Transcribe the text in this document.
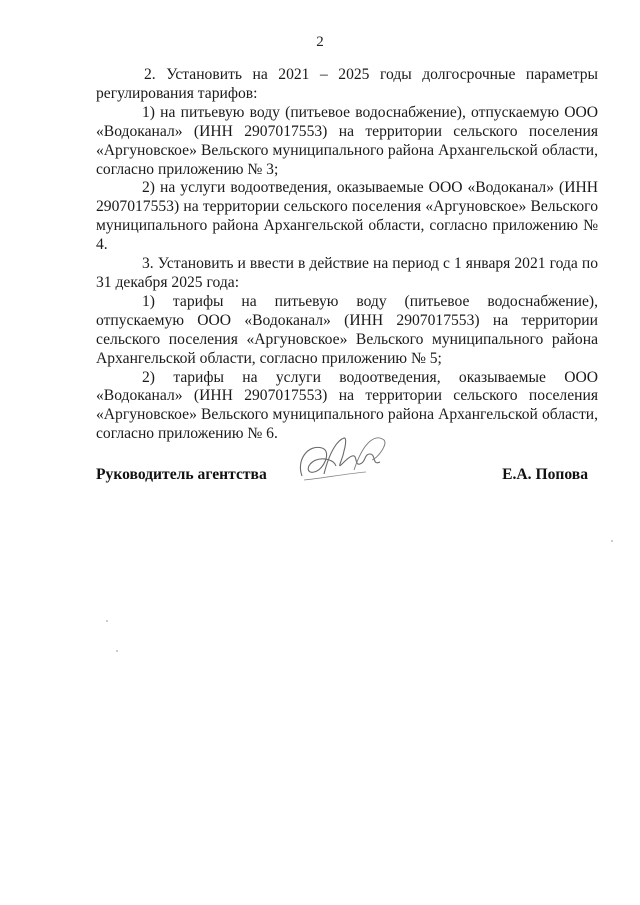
2

2. Установить на 2021 – 2025 годы долгосрочные параметры регулирования тарифов:

1) на питьевую воду (питьевое водоснабжение), отпускаемую ООО «Водоканал» (ИНН 2907017553) на территории сельского поселения «Аргуновское» Вельского муниципального района Архангельской области, согласно приложению № 3;

2) на услуги водоотведения, оказываемые ООО «Водоканал» (ИНН 2907017553) на территории сельского поселения «Аргуновское» Вельского муниципального района Архангельской области, согласно приложению № 4.

3. Установить и ввести в действие на период с 1 января 2021 года по 31 декабря 2025 года:

1) тарифы на питьевую воду (питьевое водоснабжение), отпускаемую ООО «Водоканал» (ИНН 2907017553) на территории сельского поселения «Аргуновское» Вельского муниципального района Архангельской области, согласно приложению № 5;

2) тарифы на услуги водоотведения, оказываемые ООО «Водоканал» (ИНН 2907017553) на территории сельского поселения «Аргуновское» Вельского муниципального района Архангельской области, согласно приложению № 6.

Руководитель агентства	Е.А. Попова
